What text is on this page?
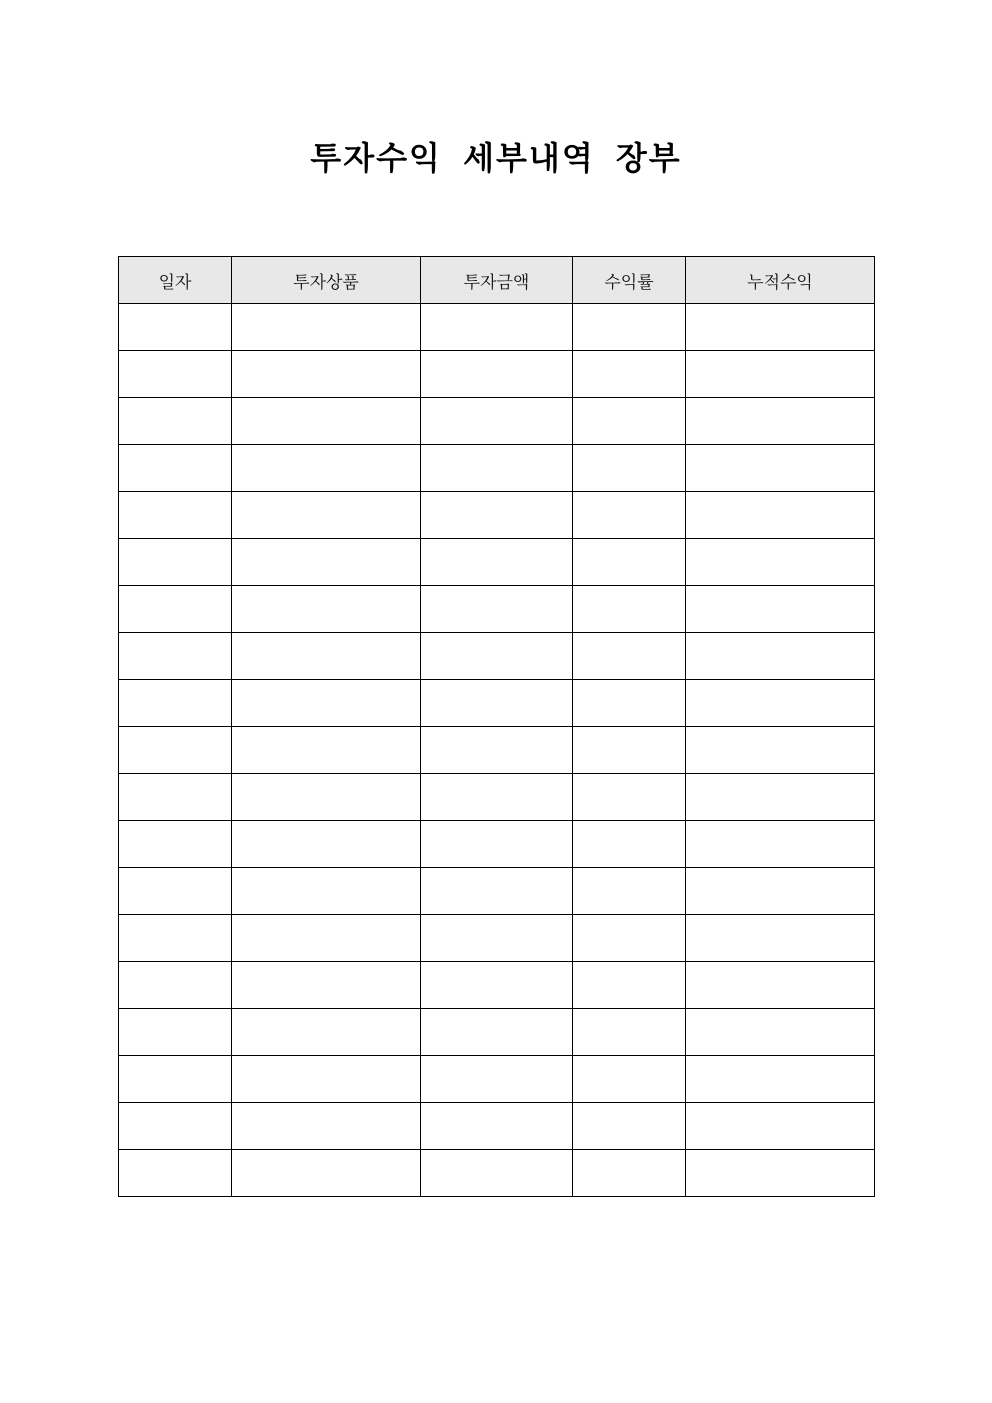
투자수익 세부내역 장부
일자	투자상품	투자금액	수익률	누적수익
